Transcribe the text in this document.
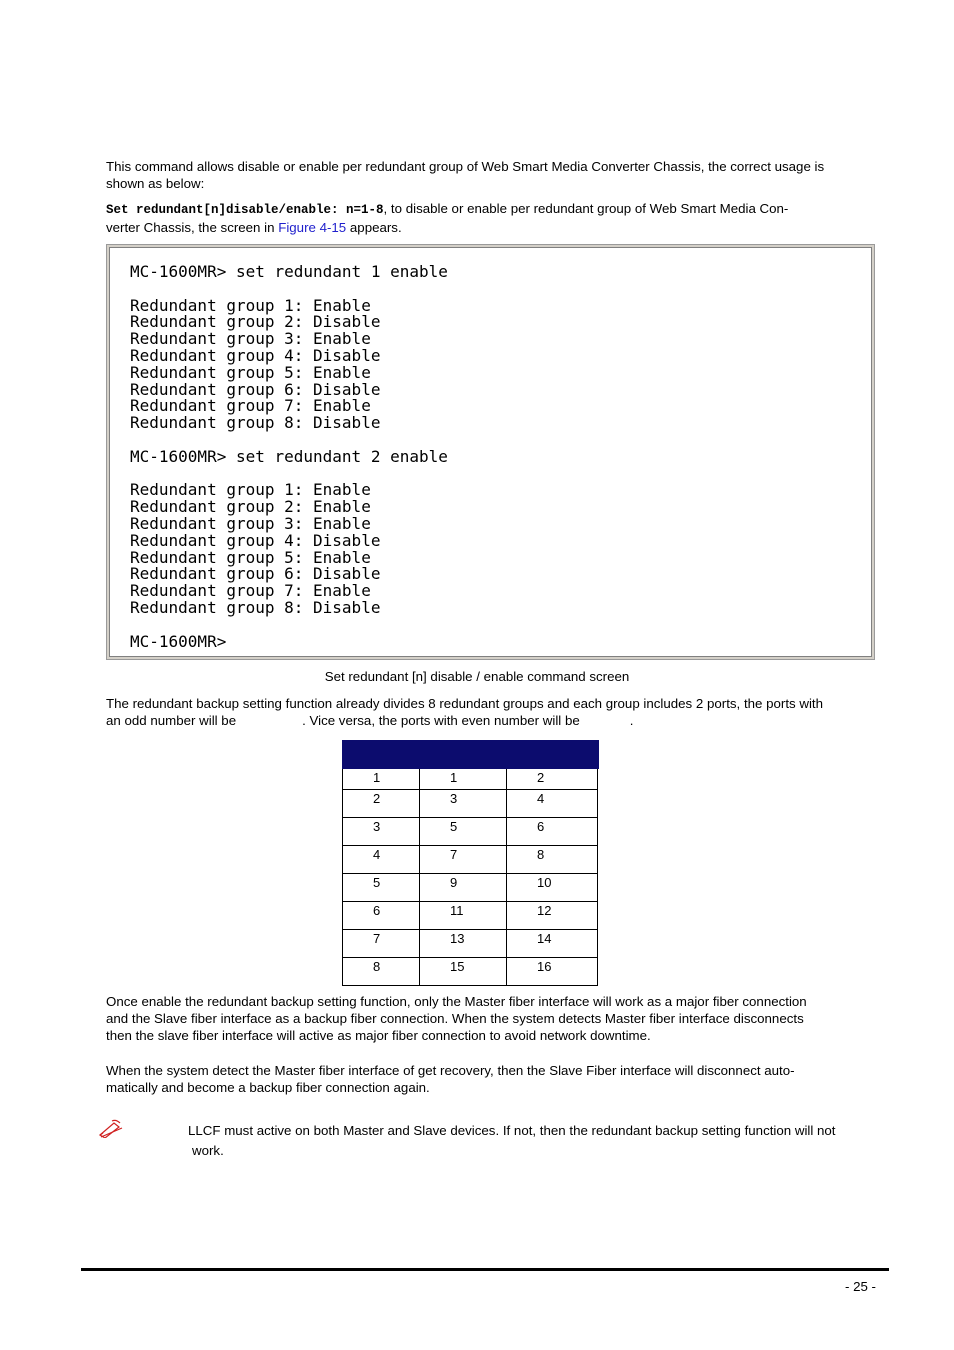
This command allows disable or enable per redundant group of Web Smart Media Converter Chassis, the correct usage is
shown as below:
Set redundant[n]disable/enable: n=1-8, to disable or enable per redundant group of Web Smart Media Con-
verter Chassis, the screen in Figure 4-15 appears.
MC-1600MR> set redundant 1 enable
Redundant group 1: Enable
Redundant group 2: Disable
Redundant group 3: Enable
Redundant group 4: Disable
Redundant group 5: Enable
Redundant group 6: Disable
Redundant group 7: Enable
Redundant group 8: Disable
MC-1600MR> set redundant 2 enable
Redundant group 1: Enable
Redundant group 2: Enable
Redundant group 3: Enable
Redundant group 4: Disable
Redundant group 5: Enable
Redundant group 6: Disable
Redundant group 7: Enable
Redundant group 8: Disable
MC-1600MR>
Set redundant [n] disable / enable command screen
The redundant backup setting function already divides 8 redundant groups and each group includes 2 ports, the ports with
an odd number will be	. Vice versa, the ports with even number will be	.

1	1	2
2	3	4
3	5	6
4	7	8
5	9	10
6	11	12
7	13	14
8	15	16
Once enable the redundant backup setting function, only the Master fiber interface will work as a major fiber connection
and the Slave fiber interface as a backup fiber connection. When the system detects Master fiber interface disconnects
then the slave fiber interface will active as major fiber connection to avoid network downtime.
When the system detect the Master fiber interface of get recovery, then the Slave Fiber interface will disconnect auto-
matically and become a backup fiber connection again.
LLCF must active on both Master and Slave devices. If not, then the redundant backup setting function will not
work.
- 25 -
